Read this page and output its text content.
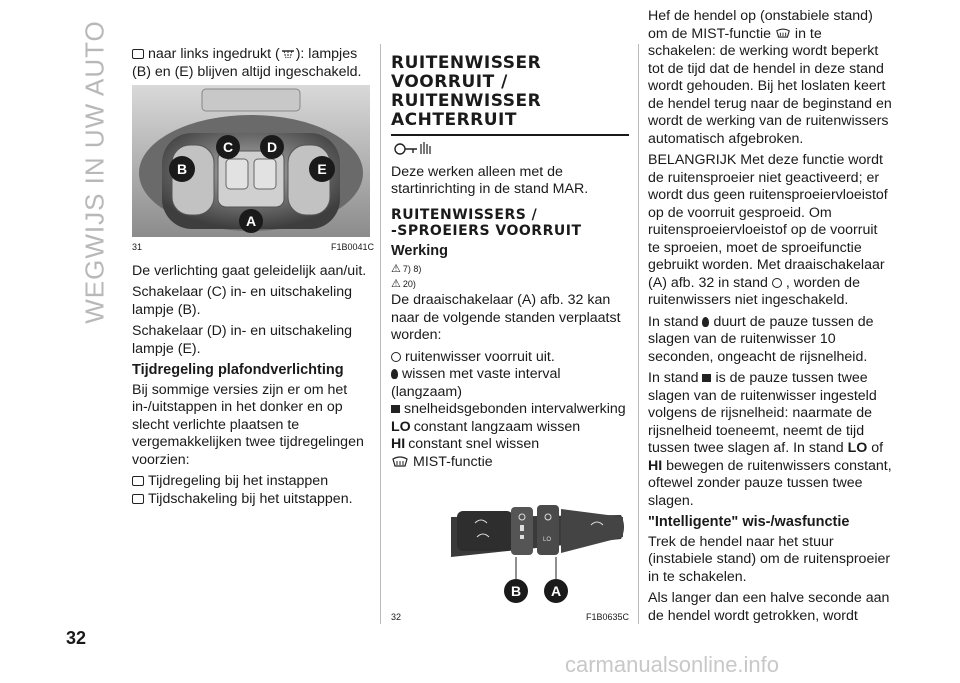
WEGWIJS IN UW AUTO
32

naar links ingedrukt ( ): lampjes (B) en (E) blijven altijd ingeschakeld.

B
C D
E
A
31	F1B0041C

De verlichting gaat geleidelijk aan/uit.

Schakelaar (C) in- en uitschakeling lampje (B).

Schakelaar (D) in- en uitschakeling lampje (E).

Tijdregeling plafondverlichting

Bij sommige versies zijn er om het in-/uitstappen in het donker en op slecht verlichte plaatsen te vergemakkelijken twee tijdregelingen voorzien:

Tijdregeling bij het instappen

Tijdschakeling bij het uitstappen.

RUITENWISSER
VOORRUIT /
RUITENWISSER
ACHTERRUIT

Deze werken alleen met de startinrichting in de stand MAR.

RUITENWISSERS /
-SPROEIERS VOORRUIT
Werking
⚠ 7) 8)
⚠ 20)

De draaischakelaar (A) afb. 32 kan naar de volgende standen verplaatst worden:

ruitenwisser voorruit uit.

wissen met vaste interval (langzaam)

snelheidsgebonden intervalwerking

LO constant langzaam wissen

HI constant snel wissen

MIST-functie

LO
B A
32	F1B0635C

Hef de hendel op (onstabiele stand) om de MIST-functie in te schakelen: de werking wordt beperkt tot de tijd dat de hendel in deze stand wordt gehouden. Bij het loslaten keert de hendel terug naar de beginstand en wordt de werking van de ruitenwissers automatisch afgebroken.

BELANGRIJK Met deze functie wordt de ruitensproeier niet geactiveerd; er wordt dus geen ruitensproeiervloeistof op de voorruit gesproeid. Om ruitensproeiervloeistof op de voorruit te sproeien, moet de sproeifunctie gebruikt worden. Met draaischakelaar (A) afb. 32 in stand , worden de ruitenwissers niet ingeschakeld.

In stand duurt de pauze tussen de slagen van de ruitenwisser 10 seconden, ongeacht de rijsnelheid.

In stand is de pauze tussen twee slagen van de ruitenwisser ingesteld volgens de rijsnelheid: naarmate de rijsnelheid toeneemt, neemt de tijd tussen twee slagen af. In stand LO of HI bewegen de ruitenwissers constant, oftewel zonder pauze tussen twee slagen.

"Intelligente" wis-/wasfunctie

Trek de hendel naar het stuur (instabiele stand) om de ruitensproeier in te schakelen.

Als langer dan een halve seconde aan de hendel wordt getrokken, wordt

carmanualsonline.info
